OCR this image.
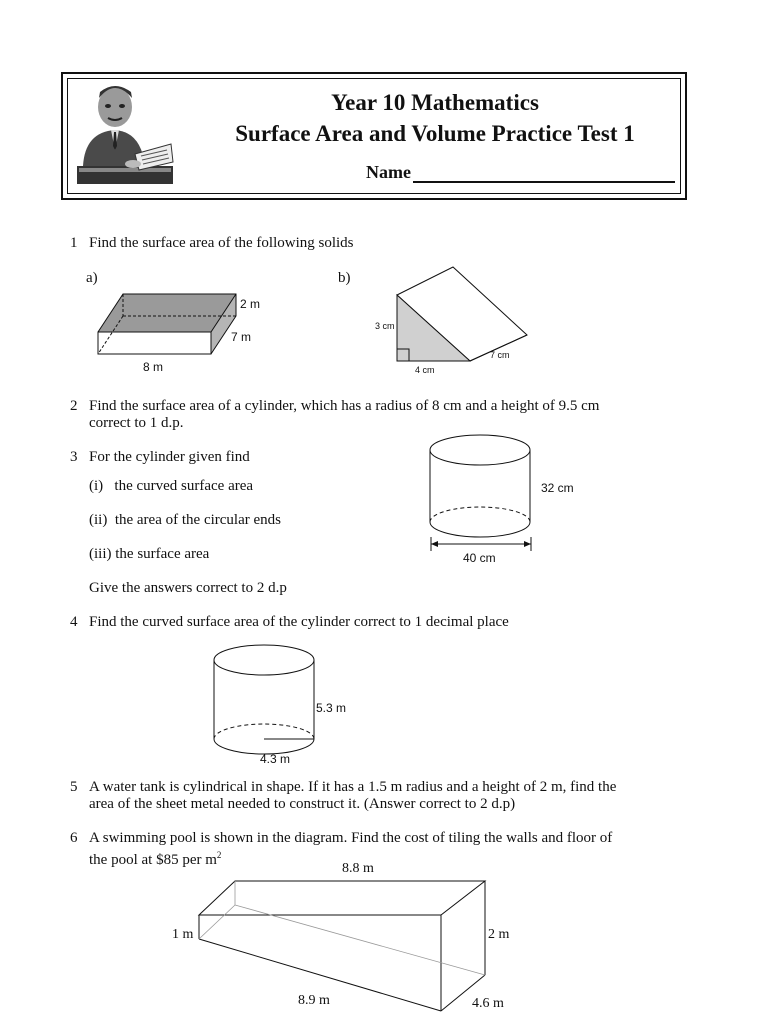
Year 10 Mathematics
Surface Area and Volume Practice Test 1
Name
1 Find the surface area of the following solids
a)	b)
2 m
7 m
8 m
3 cm
4 cm
7 cm
2 Find the surface area of a cylinder, which has a radius of 8 cm and a height of 9.5 cm
correct to 1 d.p.
3 For the cylinder given find
(i)   the curved surface area
(ii)  the area of the circular ends
(iii) the surface area
Give the answers correct to 2 d.p
32 cm
40 cm
4 Find the curved surface area of the cylinder correct to 1 decimal place
5.3 m
4.3 m
5 A water tank is cylindrical in shape. If it has a 1.5 m radius and a height of 2 m, find the
area of the sheet metal needed to construct it. (Answer correct to 2 d.p)
6 A swimming pool is shown in the diagram. Find the cost of tiling the walls and floor of
the pool at $85 per $m^2$
8.8 m
1 m	2 m
8.9 m	4.6 m
